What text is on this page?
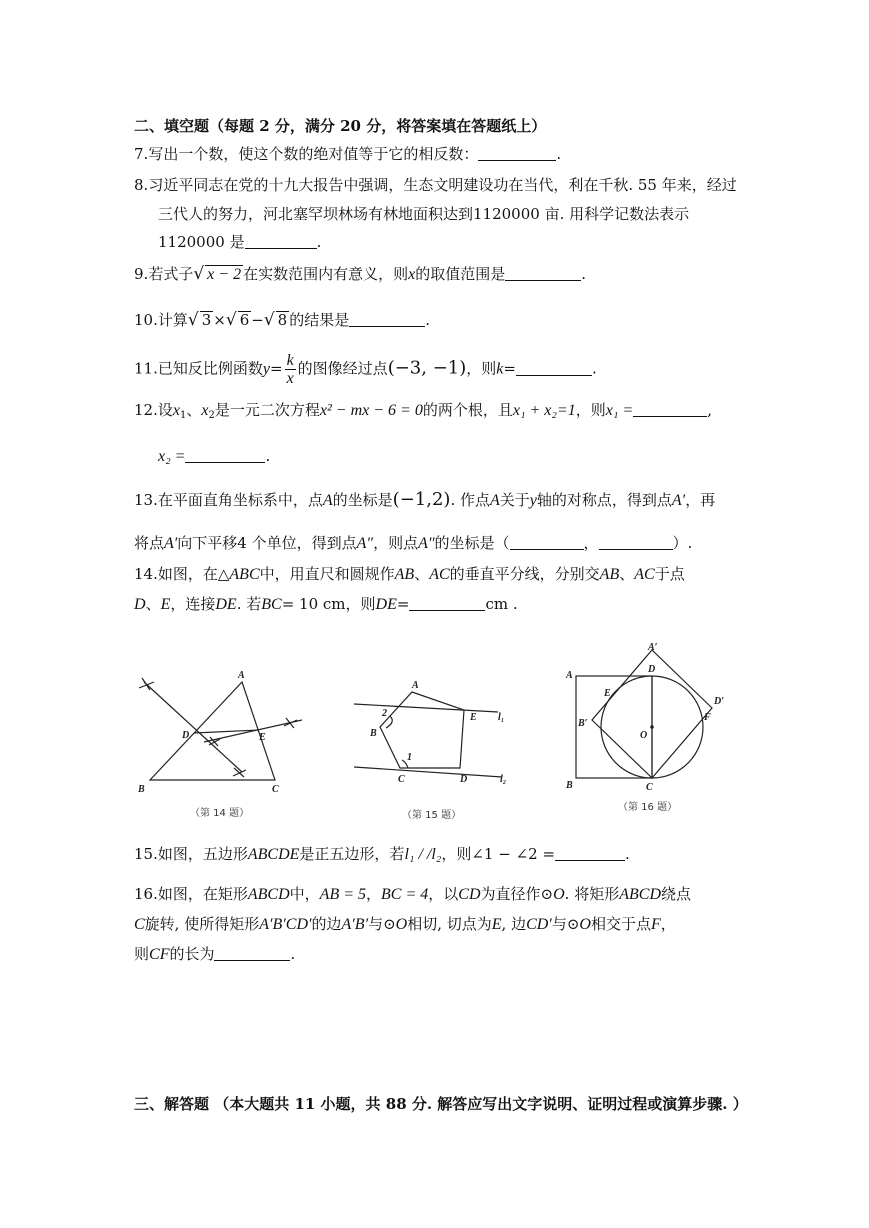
二、填空题（每题 2 分，满分 20 分，将答案填在答题纸上）
7.写出一个数，使这个数的绝对值等于它的相反数：	.
8.习近平同志在党的十九大报告中强调，生态文明建设功在当代，利在千秋. 55 年来，经过
三代人的努力，河北塞罕坝林场有林地面积达到1120000 亩. 用科学记数法表示
1120000 是	.
9.若式子√ x − 2 在实数范围内有意义，则x的取值范围是	.
10.计算√ 3 ×√ 6 −√ 8 的结果是	.
11.已知反比例函数$y= \frac{k}{x}$ 的图像经过点(−3, −1)，则k=	.
12.设$x_1$、$x_2$是一元二次方程x² − mx − 6 = 0的两个根，且x₁ + x₂=1，则x₁ =	,
x₂ =	.
13.在平面直角坐标系中，点A的坐标是(−1,2). 作点A关于y轴的对称点，得到点A′，再
将点A′向下平移4 个单位，得到点A″，则点A″的坐标是（	，	）.
14.如图，在△ABC中，用直尺和圆规作AB、AC的垂直平分线，分别交AB、AC于点
D、E，连接DE. 若BC= 10 cm，则DE=	cm .
A
B	C
D	E
（第 14 题）
A
B
C	D
E l₁
l₂
1
2
（第 15 题）
A′
A
B	C
D
E
F
O
B′
D′
（第 16 题）
15.如图，五边形ABCDE是正五边形，若l₁ / /l₂，则∠1 − ∠2 =	.
16.如图，在矩形ABCD中，AB = 5，BC = 4，以CD为直径作⊙O. 将矩形ABCD绕点
C旋转, 使所得矩形A′B′CD′的边A′B′与⊙O相切, 切点为E, 边CD′与⊙O相交于点F，
则CF的长为	.
三、解答题 （本大题共 11 小题，共 88 分. 解答应写出文字说明、证明过程或演算步骤. ）
